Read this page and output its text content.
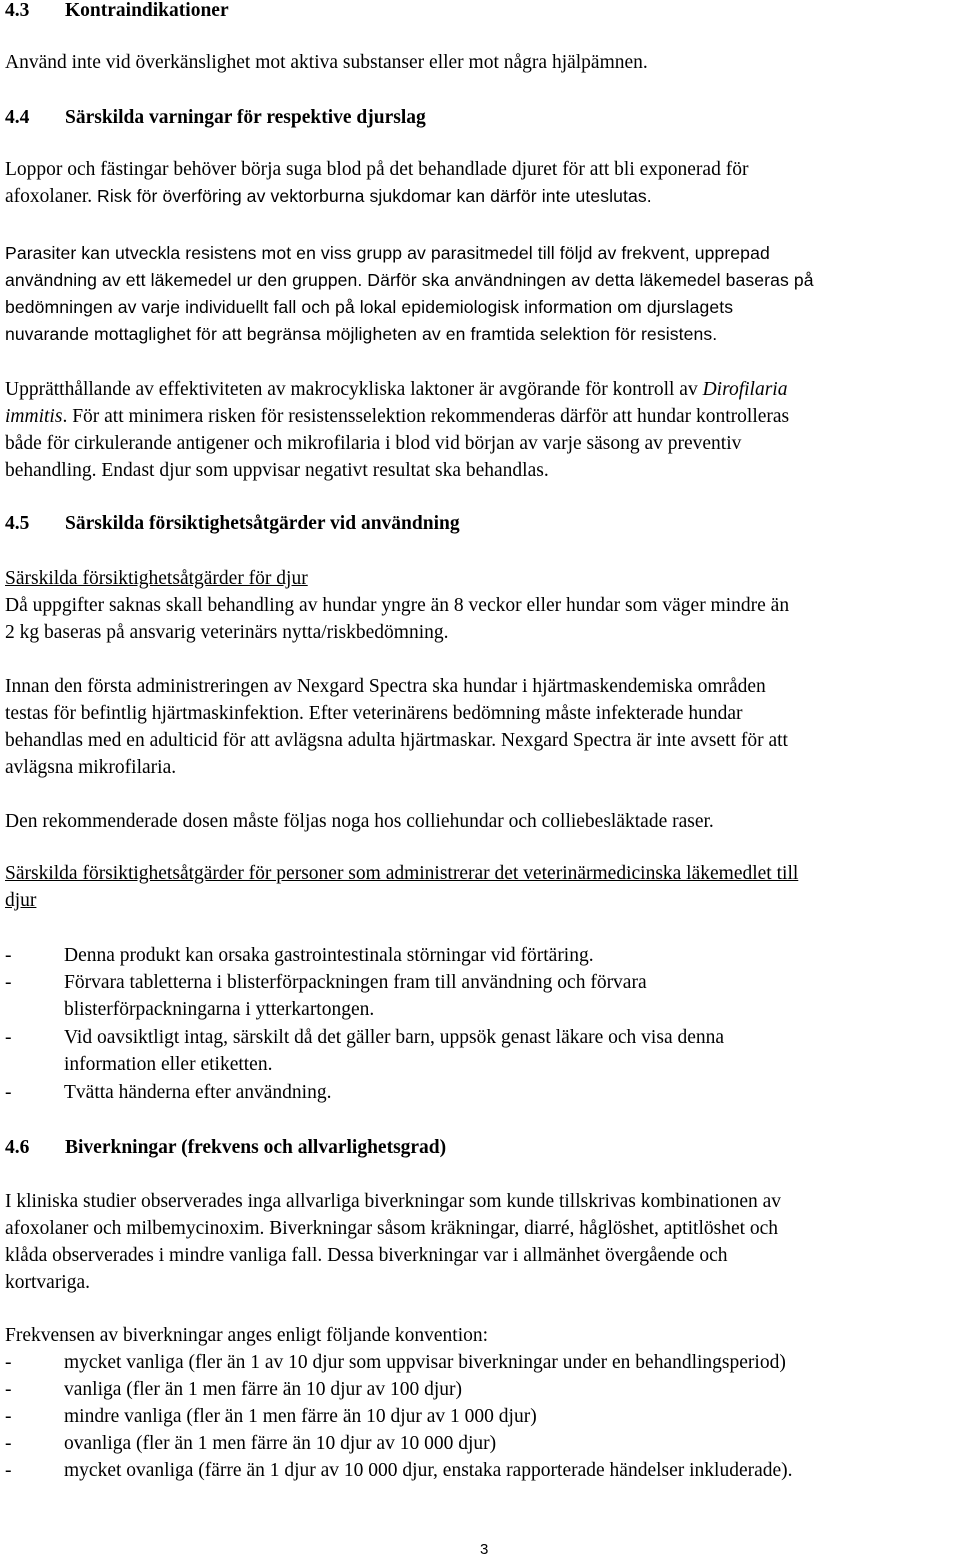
4.3 Kontraindikationer
Använd inte vid överkänslighet mot aktiva substanser eller mot några hjälpämnen.
4.4 Särskilda varningar för respektive djurslag
Loppor och fästingar behöver börja suga blod på det behandlade djuret för att bli exponerad för
afoxolaner. Risk för överföring av vektorburna sjukdomar kan därför inte uteslutas.
Parasiter kan utveckla resistens mot en viss grupp av parasitmedel till följd av frekvent, upprepad
användning av ett läkemedel ur den gruppen. Därför ska användningen av detta läkemedel baseras på
bedömningen av varje individuellt fall och på lokal epidemiologisk information om djurslagets
nuvarande mottaglighet för att begränsa möjligheten av en framtida selektion för resistens.
Upprätthållande av effektiviteten av makrocykliska laktoner är avgörande för kontroll av Dirofilaria
immitis. För att minimera risken för resistensselektion rekommenderas därför att hundar kontrolleras
både för cirkulerande antigener och mikrofilaria i blod vid början av varje säsong av preventiv
behandling. Endast djur som uppvisar negativt resultat ska behandlas.
4.5 Särskilda försiktighetsåtgärder vid användning
Särskilda försiktighetsåtgärder för djur
Då uppgifter saknas skall behandling av hundar yngre än 8 veckor eller hundar som väger mindre än
2 kg baseras på ansvarig veterinärs nytta/riskbedömning.
Innan den första administreringen av Nexgard Spectra ska hundar i hjärtmaskendemiska områden
testas för befintlig hjärtmaskinfektion. Efter veterinärens bedömning måste infekterade hundar
behandlas med en adulticid för att avlägsna adulta hjärtmaskar. Nexgard Spectra är inte avsett för att
avlägsna mikrofilaria.
Den rekommenderade dosen måste följas noga hos colliehundar och colliebesläktade raser.
Särskilda försiktighetsåtgärder för personer som administrerar det veterinärmedicinska läkemedlet till
djur
-	Denna produkt kan orsaka gastrointestinala störningar vid förtäring.
-	Förvara tabletterna i blisterförpackningen fram till användning och förvara
blisterförpackningarna i ytterkartongen.
-	Vid oavsiktligt intag, särskilt då det gäller barn, uppsök genast läkare och visa denna
information eller etiketten.
-	Tvätta händerna efter användning.
4.6 Biverkningar (frekvens och allvarlighetsgrad)
I kliniska studier observerades inga allvarliga biverkningar som kunde tillskrivas kombinationen av
afoxolaner och milbemycinoxim. Biverkningar såsom kräkningar, diarré, håglöshet, aptitlöshet och
klåda observerades i mindre vanliga fall. Dessa biverkningar var i allmänhet övergående och
kortvariga.
Frekvensen av biverkningar anges enligt följande konvention:
-	mycket vanliga (fler än 1 av 10 djur som uppvisar biverkningar under en behandlingsperiod)
-	vanliga (fler än 1 men färre än 10 djur av 100 djur)
-	mindre vanliga (fler än 1 men färre än 10 djur av 1 000 djur)
-	ovanliga (fler än 1 men färre än 10 djur av 10 000 djur)
-	mycket ovanliga (färre än 1 djur av 10 000 djur, enstaka rapporterade händelser inkluderade).
3
